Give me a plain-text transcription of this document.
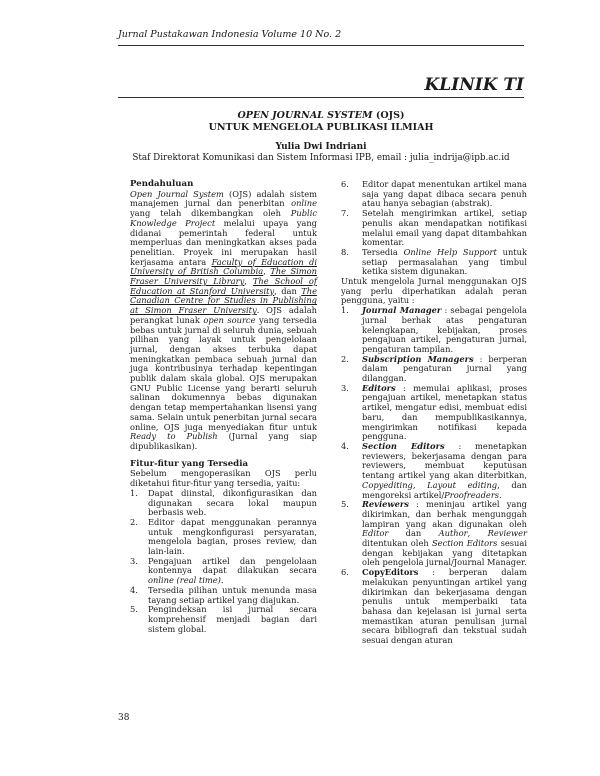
Jurnal Pustakawan Indonesia Volume 10 No. 2
KLINIK TI
OPEN JOURNAL SYSTEM (OJS)
UNTUK MENGELOLA PUBLIKASI ILMIAH
Yulia Dwi Indriani
Staf Direktorat Komunikasi dan Sistem Informasi IPB, email : julia_indrija@ipb.ac.id

Pendahuluan

Open Journal System (OJS) adalah sistem manajemen jurnal dan penerbitan online yang telah dikembangkan oleh Public Knowledge Project melalui upaya yang didanai pemerintah federal untuk memperluas dan meningkatkan akses pada penelitian. Proyek ini merupakan hasil kerjasama antara Faculty of Education di University of British Columbia, The Simon Fraser University Library, The School of Education at Stanford University, dan The Canadian Centre for Studies in Publishing at Simon Fraser University. OJS adalah perangkat lunak open source yang tersedia bebas untuk jurnal di seluruh dunia, sebuah pilihan yang layak untuk pengelolaan jurnal, dengan akses terbuka dapat meningkatkan pembaca sebuah jurnal dan juga kontribusinya terhadap kepentingan publik dalam skala global. OJS merupakan GNU Public License yang berarti seluruh salinan dokumennya bebas digunakan dengan tetap mempertahankan lisensi yang sama. Selain untuk penerbitan jurnal secara online, OJS juga menyediakan fitur untuk Ready to Publish (Jurnal yang siap dipublikasikan).

Fitur-fitur yang Tersedia

Sebelum mengoperasikan OJS perlu diketahui fitur-fitur yang tersedia, yaitu:

1.	Dapat diinstal, dikonfigurasikan dan digunakan secara lokal maupun berbasis web.
2.	Editor dapat menggunakan perannya untuk mengkonfigurasi persyaratan, mengelola bagian, proses review, dan lain-lain.
3.	Pengajuan artikel dan pengelolaan kontennya dapat dilakukan secara online (real time).
4.	Tersedia pilihan untuk menunda masa tayang setiap artikel yang diajukan.
5.	Pengindeksan isi jurnal secara komprehensif menjadi bagian dari sistem global.
6.	Editor dapat menentukan artikel mana saja yang dapat dibaca secara penuh atau hanya sebagian (abstrak).
7.	Setelah mengirimkan artikel, setiap penulis akan mendapatkan notifikasi melalui email yang dapat ditambahkan komentar.
8.	Tersedia Online Help Support untuk setiap permasalahan yang timbul ketika sistem digunakan.

Untuk mengelola Jurnal menggunakan OJS yang perlu diperhatikan adalah peran pengguna, yaitu :

1.	Journal Manager : sebagai pengelola jurnal berhak atas pengaturan kelengkapan, kebijakan, proses pengajuan artikel, pengaturan jurnal, pengaturan tampilan.
2.	Subscription Managers : berperan dalam pengaturan jurnal yang dilanggan.
3.	Editors : memulai aplikasi, proses pengajuan artikel, menetapkan status artikel, mengatur edisi, membuat edisi baru, dan mempublikasikannya, mengirimkan notifikasi kepada pengguna.
4.	Section Editors : menetapkan reviewers, bekerjasama dengan para reviewers, membuat keputusan tentang artikel yang akan diterbitkan, Copyediting, Layout editing, dan mengoreksi artikel/Proofreaders.
5.	Reviewers : meninjau artikel yang dikirimkan, dan berhak mengunggah lampiran yang akan digunakan oleh Editor dan Author, Reviewer ditentukan oleh Section Editors sesuai dengan kebijakan yang ditetapkan oleh pengelola jurnal/Journal Manager.
6.	CopyEditors : berperan dalam melakukan penyuntingan artikel yang dikirimkan dan bekerjasama dengan penulis untuk memperbaiki tata bahasa dan kejelasan isi jurnal serta memastikan aturan penulisan jurnal secara bibliografi dan tekstual sudah sesuai dengan aturan
38
